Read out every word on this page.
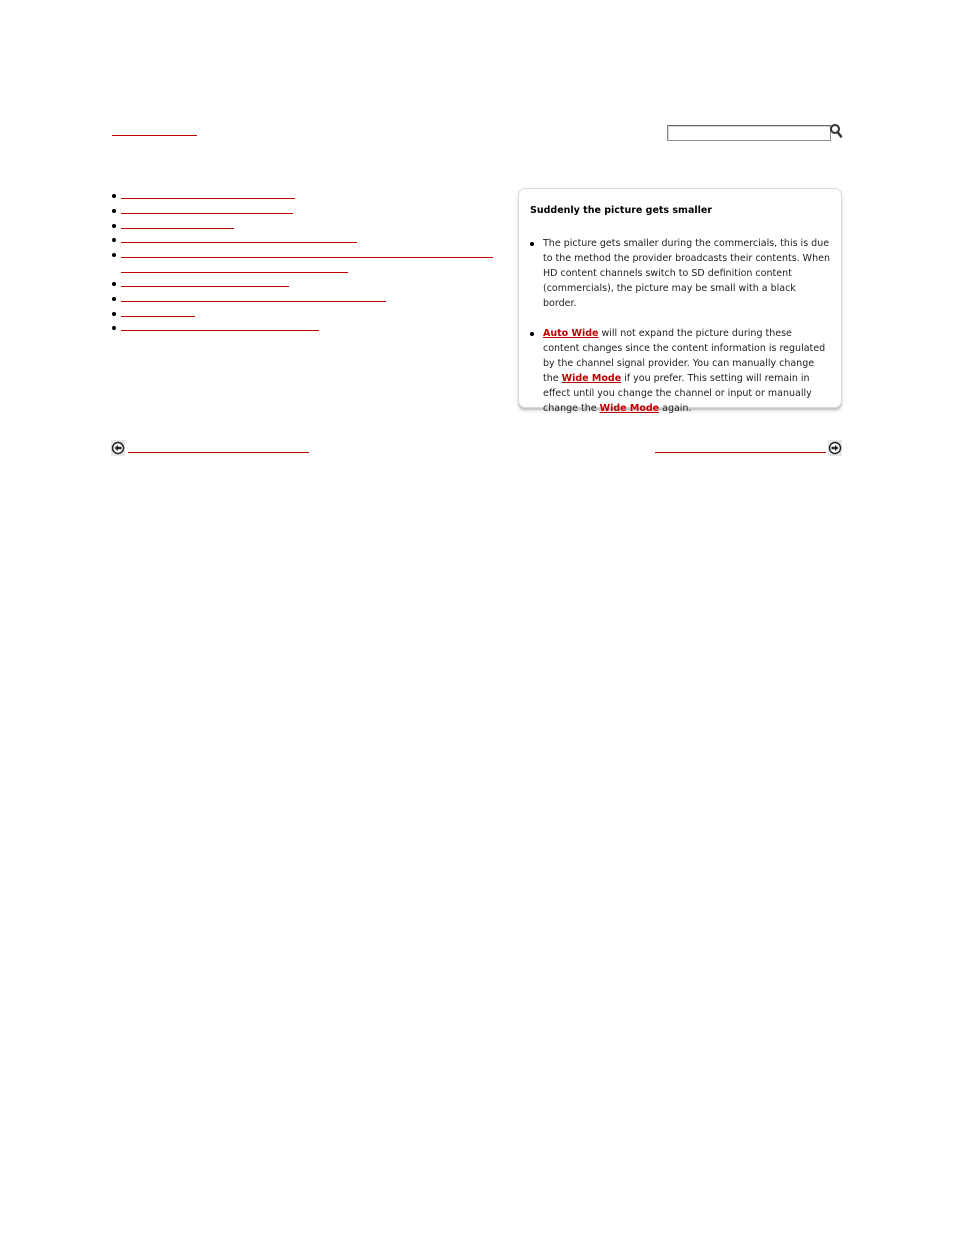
Suddenly the picture gets smaller
The picture gets smaller during the commercials, this is due to the method the provider broadcasts their contents. When HD content channels switch to SD definition content (commercials), the picture may be small with a black border.
Auto Wide will not expand the picture during these content changes since the content information is regulated by the channel signal provider. You can manually change the Wide Mode if you prefer. This setting will remain in effect until you change the channel or input or manually change the Wide Mode again.
